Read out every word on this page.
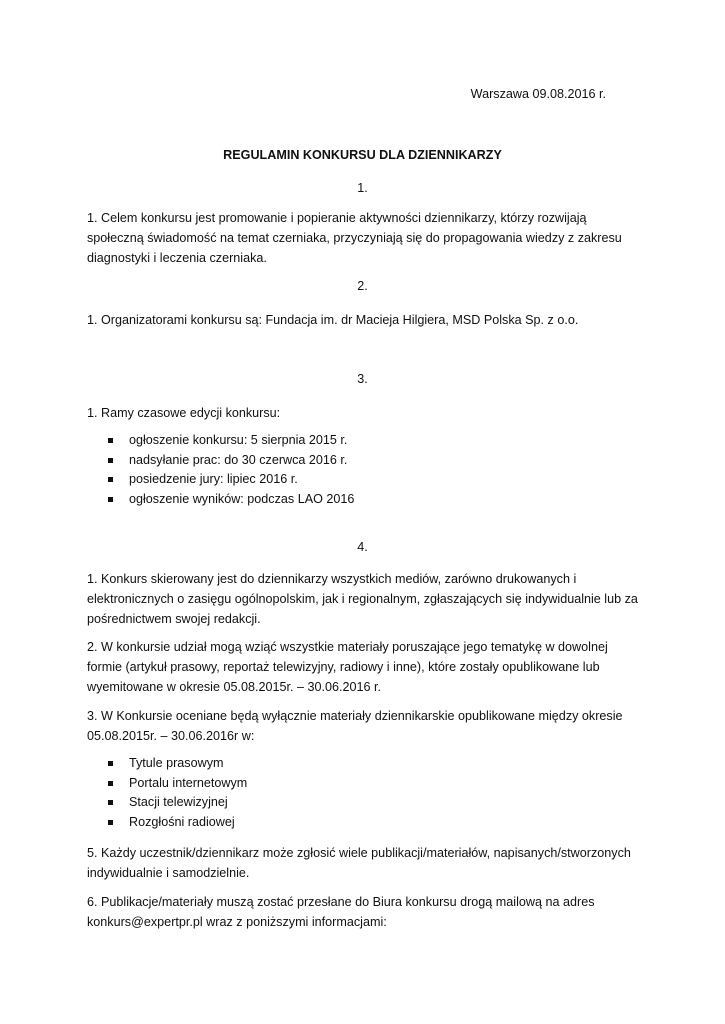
Warszawa 09.08.2016 r.
REGULAMIN KONKURSU DLA DZIENNIKARZY
1.
1. Celem konkursu jest promowanie i popieranie aktywności dziennikarzy, którzy rozwijają społeczną świadomość na temat czerniaka, przyczyniają się do propagowania wiedzy z zakresu diagnostyki i leczenia czerniaka.
2.
1. Organizatorami konkursu są: Fundacja im. dr Macieja Hilgiera, MSD Polska Sp. z o.o.
3.
1. Ramy czasowe edycji konkursu:
ogłoszenie konkursu: 5 sierpnia 2015 r.
nadsyłanie prac: do 30 czerwca 2016 r.
posiedzenie jury: lipiec 2016 r.
ogłoszenie wyników: podczas LAO 2016
4.
1. Konkurs skierowany jest do dziennikarzy wszystkich mediów, zarówno drukowanych i elektronicznych o zasięgu ogólnopolskim, jak i regionalnym, zgłaszających się indywidualnie lub za pośrednictwem swojej redakcji.
2. W konkursie udział mogą wziąć wszystkie materiały poruszające jego tematykę w dowolnej formie (artykuł prasowy, reportaż telewizyjny, radiowy i inne), które zostały opublikowane lub wyemitowane w okresie 05.08.2015r. – 30.06.2016 r.
3. W Konkursie oceniane będą wyłącznie materiały dziennikarskie opublikowane między okresie 05.08.2015r. – 30.06.2016r w:
Tytule prasowym
Portalu internetowym
Stacji telewizyjnej
Rozgłośni radiowej
5. Każdy uczestnik/dziennikarz może zgłosić wiele publikacji/materiałów, napisanych/stworzonych indywidualnie i samodzielnie.
6. Publikacje/materiały muszą zostać przesłane do Biura konkursu drogą mailową na adres konkurs@expertpr.pl wraz z poniższymi informacjami:
